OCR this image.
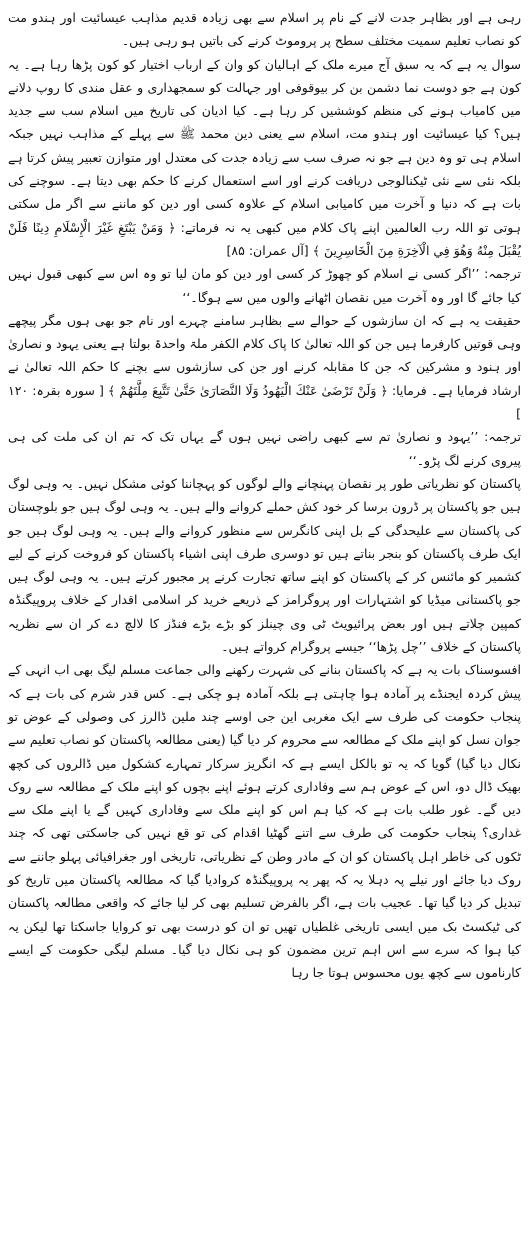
رہی ہے اور بظاہر جدت لانے کے نام پر اسلام سے بھی زیادہ قدیم مذاہب عیسائیت اور ہندو مت کو نصاب تعلیم سمیت مختلف سطح پر پروموٹ کرنے کی باتیں ہو رہی ہیں۔

سوال یہ ہے کہ یہ سبق آج میرے ملک کے اہالیان کو وان کے ارباب اختیار کو کون پڑھا رہا ہے۔ یہ کون ہے جو دوست نما دشمن بن کر بیوقوفی اور جہالت کو سمجھداری و عقل مندی کا روپ دلانے میں کامیاب ہونے کی منظم کوششیں کر رہا ہے۔ کیا ادیان کی تاریخ میں اسلام سب سے جدید ہیں؟ کیا عیسائیت اور ہندو مت، اسلام سے یعنی دین محمد ﷺ سے پہلے کے مذاہب نہیں جبکہ اسلام ہی تو وہ دین ہے جو نہ صرف سب سے زیادہ جدت کی معتدل اور متوازن تعبیر پیش کرتا ہے بلکہ نئی سے نئی ٹیکنالوجی دریافت کرنے اور اسے استعمال کرنے کا حکم بھی دیتا ہے۔ سوچنے کی بات ہے کہ دنیا و آخرت میں کامیابی اسلام کے علاوہ کسی اور دین کو ماننے سے اگر مل سکتی ہوتی تو اللہ رب العالمین اپنے پاک کلام میں کبھی یہ نہ فرماتے: ﴿ وَمَنْ يَبْتَغِ غَيْرَ الْإِسْلَامِ دِينًا فَلَنْ يُقْبَلَ مِنْهُ وَهُوَ فِي الْآخِرَةِ مِنَ الْخَاسِرِينَ ﴾ [آل عمران: ۸۵]

ترجمہ: ’’اگر کسی نے اسلام کو چھوڑ کر کسی اور دین کو مان لیا تو وہ اس سے کبھی قبول نہیں کیا جائے گا اور وہ آخرت میں نقصان اٹھانے والوں میں سے ہوگا۔‘‘

حقیقت یہ ہے کہ ان سازشوں کے حوالے سے بظاہر سامنے چہرے اور نام جو بھی ہوں مگر پیچھے وہی قوتیں کارفرما ہیں جن کو اللہ تعالیٰ کا پاک کلام الکفر ملۃ واحدۃ بولتا ہے یعنی یہود و نصاریٰ اور ہنود و مشرکین کہ جن کا مقابلہ کرنے اور جن کی سازشوں سے بچنے کا حکم اللہ تعالیٰ نے ارشاد فرمایا ہے۔ فرمایا: ﴿ وَلَنْ تَرْضَىٰ عَنْكَ الْيَهُودُ وَلَا النَّصَارَىٰ حَتَّىٰ تَتَّبِعَ مِلَّتَهُمْ ﴾ [ سورہ بقرہ: ۱۲۰ ]

ترجمہ: ’’یہود و نصاریٰ تم سے کبھی راضی نہیں ہوں گے یہاں تک کہ تم ان کی ملت کی ہی پیروی کرنے لگ پڑو۔‘‘

پاکستان کو نظریاتی طور پر نقصان پہنچانے والے لوگوں کو پہچاننا کوئی مشکل نہیں۔ یہ وہی لوگ ہیں جو پاکستان پر ڈرون برسا کر خود کش حملے کروانے والے ہیں۔ یہ وہی لوگ ہیں جو بلوچستان کی پاکستان سے علیحدگی کے بل اپنی کانگرس سے منظور کروانے والے ہیں۔ یہ وہی لوگ ہیں جو ایک طرف پاکستان کو بنجر بناتے ہیں تو دوسری طرف اپنی اشیاء پاکستان کو فروخت کرنے کے لیے کشمیر کو مائنس کر کے پاکستان کو اپنے ساتھ تجارت کرنے پر مجبور کرتے ہیں۔ یہ وہی لوگ ہیں جو پاکستانی میڈیا کو اشتہارات اور پروگرامز کے ذریعے خرید کر اسلامی اقدار کے خلاف پروپیگنڈہ کمپین چلاتے ہیں اور بعض پرائیویٹ ٹی وی چینلز کو بڑے بڑے فنڈز کا لالچ دے کر ان سے نظریہ پاکستان کے خلاف ’’چل پڑھا‘‘ جیسے پروگرام کرواتے ہیں۔

افسوسناک بات یہ ہے کہ پاکستان بنانے کی شہرت رکھنے والی جماعت مسلم لیگ بھی اب انہی کے پیش کردہ ایجنڈے پر آمادہ ہوا چاہتی ہے بلکہ آمادہ ہو چکی ہے۔ کس قدر شرم کی بات ہے کہ پنجاب حکومت کی طرف سے ایک مغربی این جی اوسے چند ملین ڈالرز کی وصولی کے عوض تو جوان نسل کو اپنے ملک کے مطالعہ سے محروم کر دیا گیا (یعنی مطالعہ پاکستان کو نصاب تعلیم سے نکال دیا گیا) گویا کہ یہ تو بالکل ایسے ہے کہ انگریز سرکار تمہارے کشکول میں ڈالروں کی کچھ بھیک ڈال دو، اس کے عوض ہم سے وفاداری کرتے ہوئے اپنے بچوں کو اپنے ملک کے مطالعہ سے روک دیں گے۔ غور طلب بات ہے کہ کیا ہم اس کو اپنے ملک سے وفاداری کہیں گے یا اپنے ملک سے غداری؟ پنجاب حکومت کی طرف سے اتنے گھٹیا اقدام کی تو قع نہیں کی جاسکتی تھی کہ چند ٹکوں کی خاطر اہل پاکستان کو ان کے مادر وطن کے نظریاتی، تاریخی اور جغرافیائی پہلو جاننے سے روک دیا جائے اور نیلے پہ دہلا یہ کہ پھر یہ پروپیگنڈہ کروادیا گیا کہ مطالعہ پاکستان میں تاریخ کو تبدیل کر دیا گیا تھا۔ عجیب بات ہے، اگر بالفرض تسلیم بھی کر لیا جائے کہ واقعی مطالعہ پاکستان کی ٹیکسٹ بک میں ایسی تاریخی غلطیاں تھیں تو ان کو درست بھی تو کروایا جاسکتا تھا لیکن یہ کیا ہوا کہ سرے سے اس اہم ترین مضمون کو ہی نکال دیا گیا۔ مسلم لیگی حکومت کے ایسے کارناموں سے کچھ یوں محسوس ہوتا جا رہا
